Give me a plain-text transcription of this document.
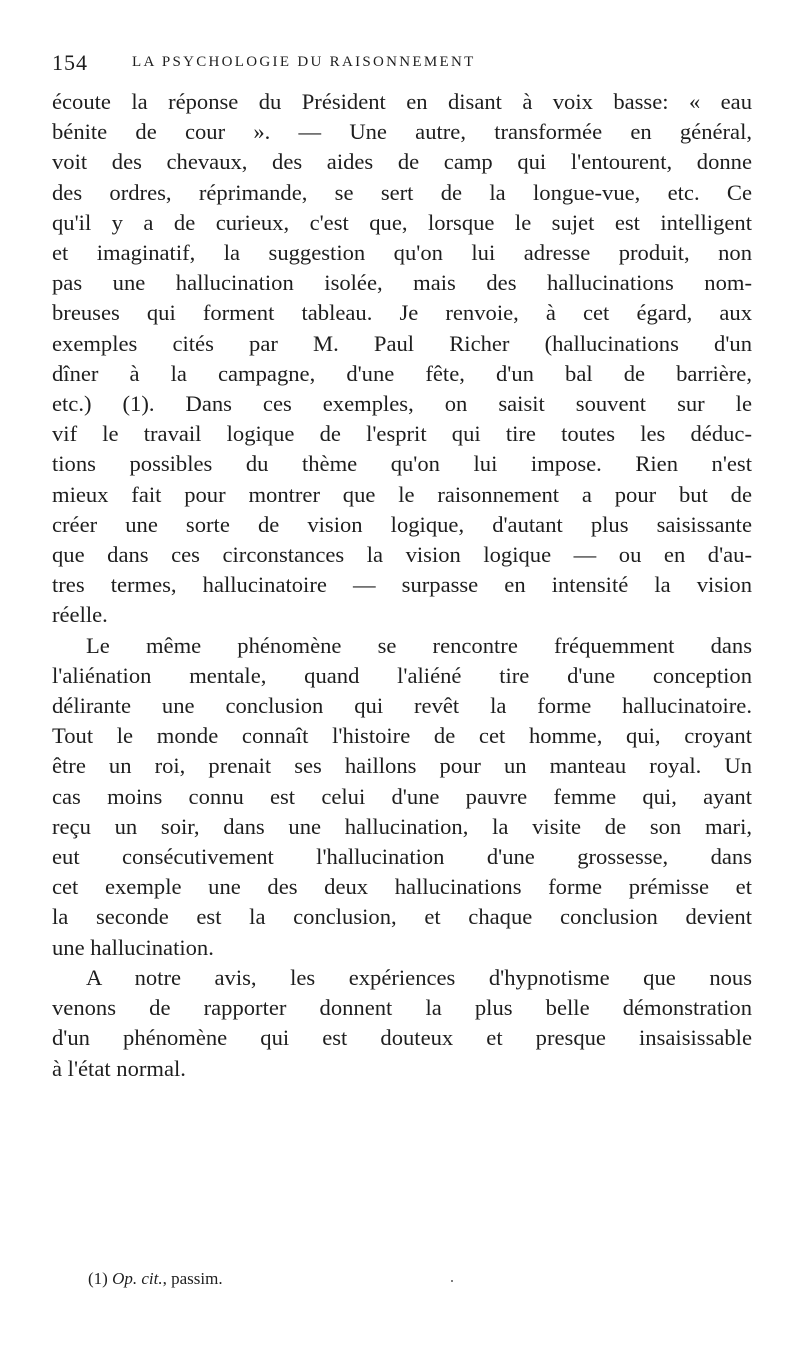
154	LA PSYCHOLOGIE DU RAISONNEMENT

écoute la réponse du Président en disant à voix basse: « eau
bénite de cour ». — Une autre, transformée en général,
voit des chevaux, des aides de camp qui l'entourent, donne
des ordres, réprimande, se sert de la longue-vue, etc. Ce
qu'il y a de curieux, c'est que, lorsque le sujet est intelligent
et imaginatif, la suggestion qu'on lui adresse produit, non
pas une hallucination isolée, mais des hallucinations nom-
breuses qui forment tableau. Je renvoie, à cet égard, aux
exemples cités par M. Paul Richer (hallucinations d'un
dîner à la campagne, d'une fête, d'un bal de barrière,
etc.) (1). Dans ces exemples, on saisit souvent sur le
vif le travail logique de l'esprit qui tire toutes les déduc-
tions possibles du thème qu'on lui impose. Rien n'est
mieux fait pour montrer que le raisonnement a pour but de
créer une sorte de vision logique, d'autant plus saisissante
que dans ces circonstances la vision logique — ou en d'au-
tres termes, hallucinatoire — surpasse en intensité la vision
réelle.

Le même phénomène se rencontre fréquemment dans
l'aliénation mentale, quand l'aliéné tire d'une conception
délirante une conclusion qui revêt la forme hallucinatoire.
Tout le monde connaît l'histoire de cet homme, qui, croyant
être un roi, prenait ses haillons pour un manteau royal. Un
cas moins connu est celui d'une pauvre femme qui, ayant
reçu un soir, dans une hallucination, la visite de son mari,
eut consécutivement l'hallucination d'une grossesse, dans
cet exemple une des deux hallucinations forme prémisse et
la seconde est la conclusion, et chaque conclusion devient
une hallucination.

A notre avis, les expériences d'hypnotisme que nous
venons de rapporter donnent la plus belle démonstration
d'un phénomène qui est douteux et presque insaisissable
à l'état normal.

(1) Op. cit., passim.
